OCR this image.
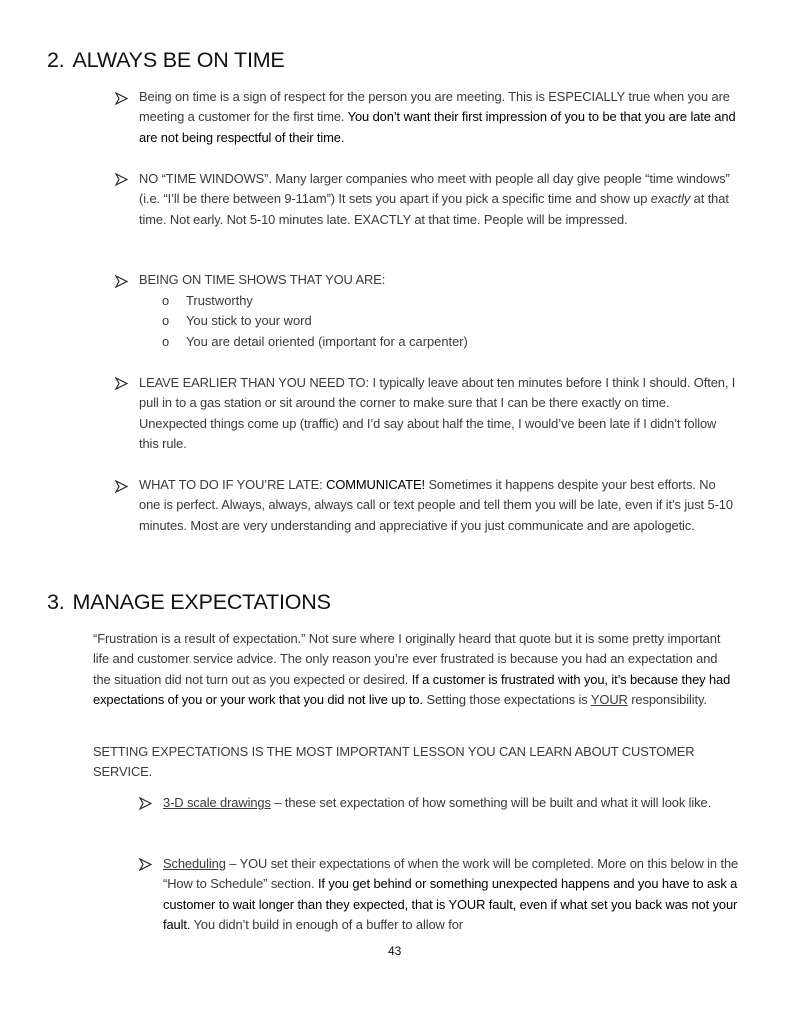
2. ALWAYS BE ON TIME

Being on time is a sign of respect for the person you are meeting. This is ESPECIALLY true when you are meeting a customer for the first time. You don’t want their first impression of you to be that you are late and are not being respectful of their time.

NO “TIME WINDOWS”. Many larger companies who meet with people all day give people “time windows” (i.e. “I’ll be there between 9-11am”) It sets you apart if you pick a specific time and show up exactly at that time. Not early. Not 5-10 minutes late. EXACTLY at that time. People will be impressed.

BEING ON TIME SHOWS THAT YOU ARE:

o	Trustworthy
o	You stick to your word
o	You are detail oriented (important for a carpenter)

LEAVE EARLIER THAN YOU NEED TO: I typically leave about ten minutes before I think I should. Often, I pull in to a gas station or sit around the corner to make sure that I can be there exactly on time. Unexpected things come up (traffic) and I’d say about half the time, I would’ve been late if I didn’t follow this rule.

WHAT TO DO IF YOU’RE LATE: COMMUNICATE! Sometimes it happens despite your best efforts. No one is perfect. Always, always, always call or text people and tell them you will be late, even if it’s just 5-10 minutes. Most are very understanding and appreciative if you just communicate and are apologetic.

3. MANAGE EXPECTATIONS

“Frustration is a result of expectation.” Not sure where I originally heard that quote but it is some pretty important life and customer service advice. The only reason you’re ever frustrated is because you had an expectation and the situation did not turn out as you expected or desired. If a customer is frustrated with you, it’s because they had expectations of you or your work that you did not live up to. Setting those expectations is YOUR responsibility.

SETTING EXPECTATIONS IS THE MOST IMPORTANT LESSON YOU CAN LEARN ABOUT CUSTOMER SERVICE.

3-D scale drawings – these set expectation of how something will be built and what it will look like.

Scheduling – YOU set their expectations of when the work will be completed. More on this below in the “How to Schedule” section. If you get behind or something unexpected happens and you have to ask a customer to wait longer than they expected, that is YOUR fault, even if what set you back was not your fault. You didn’t build in enough of a buffer to allow for

43
